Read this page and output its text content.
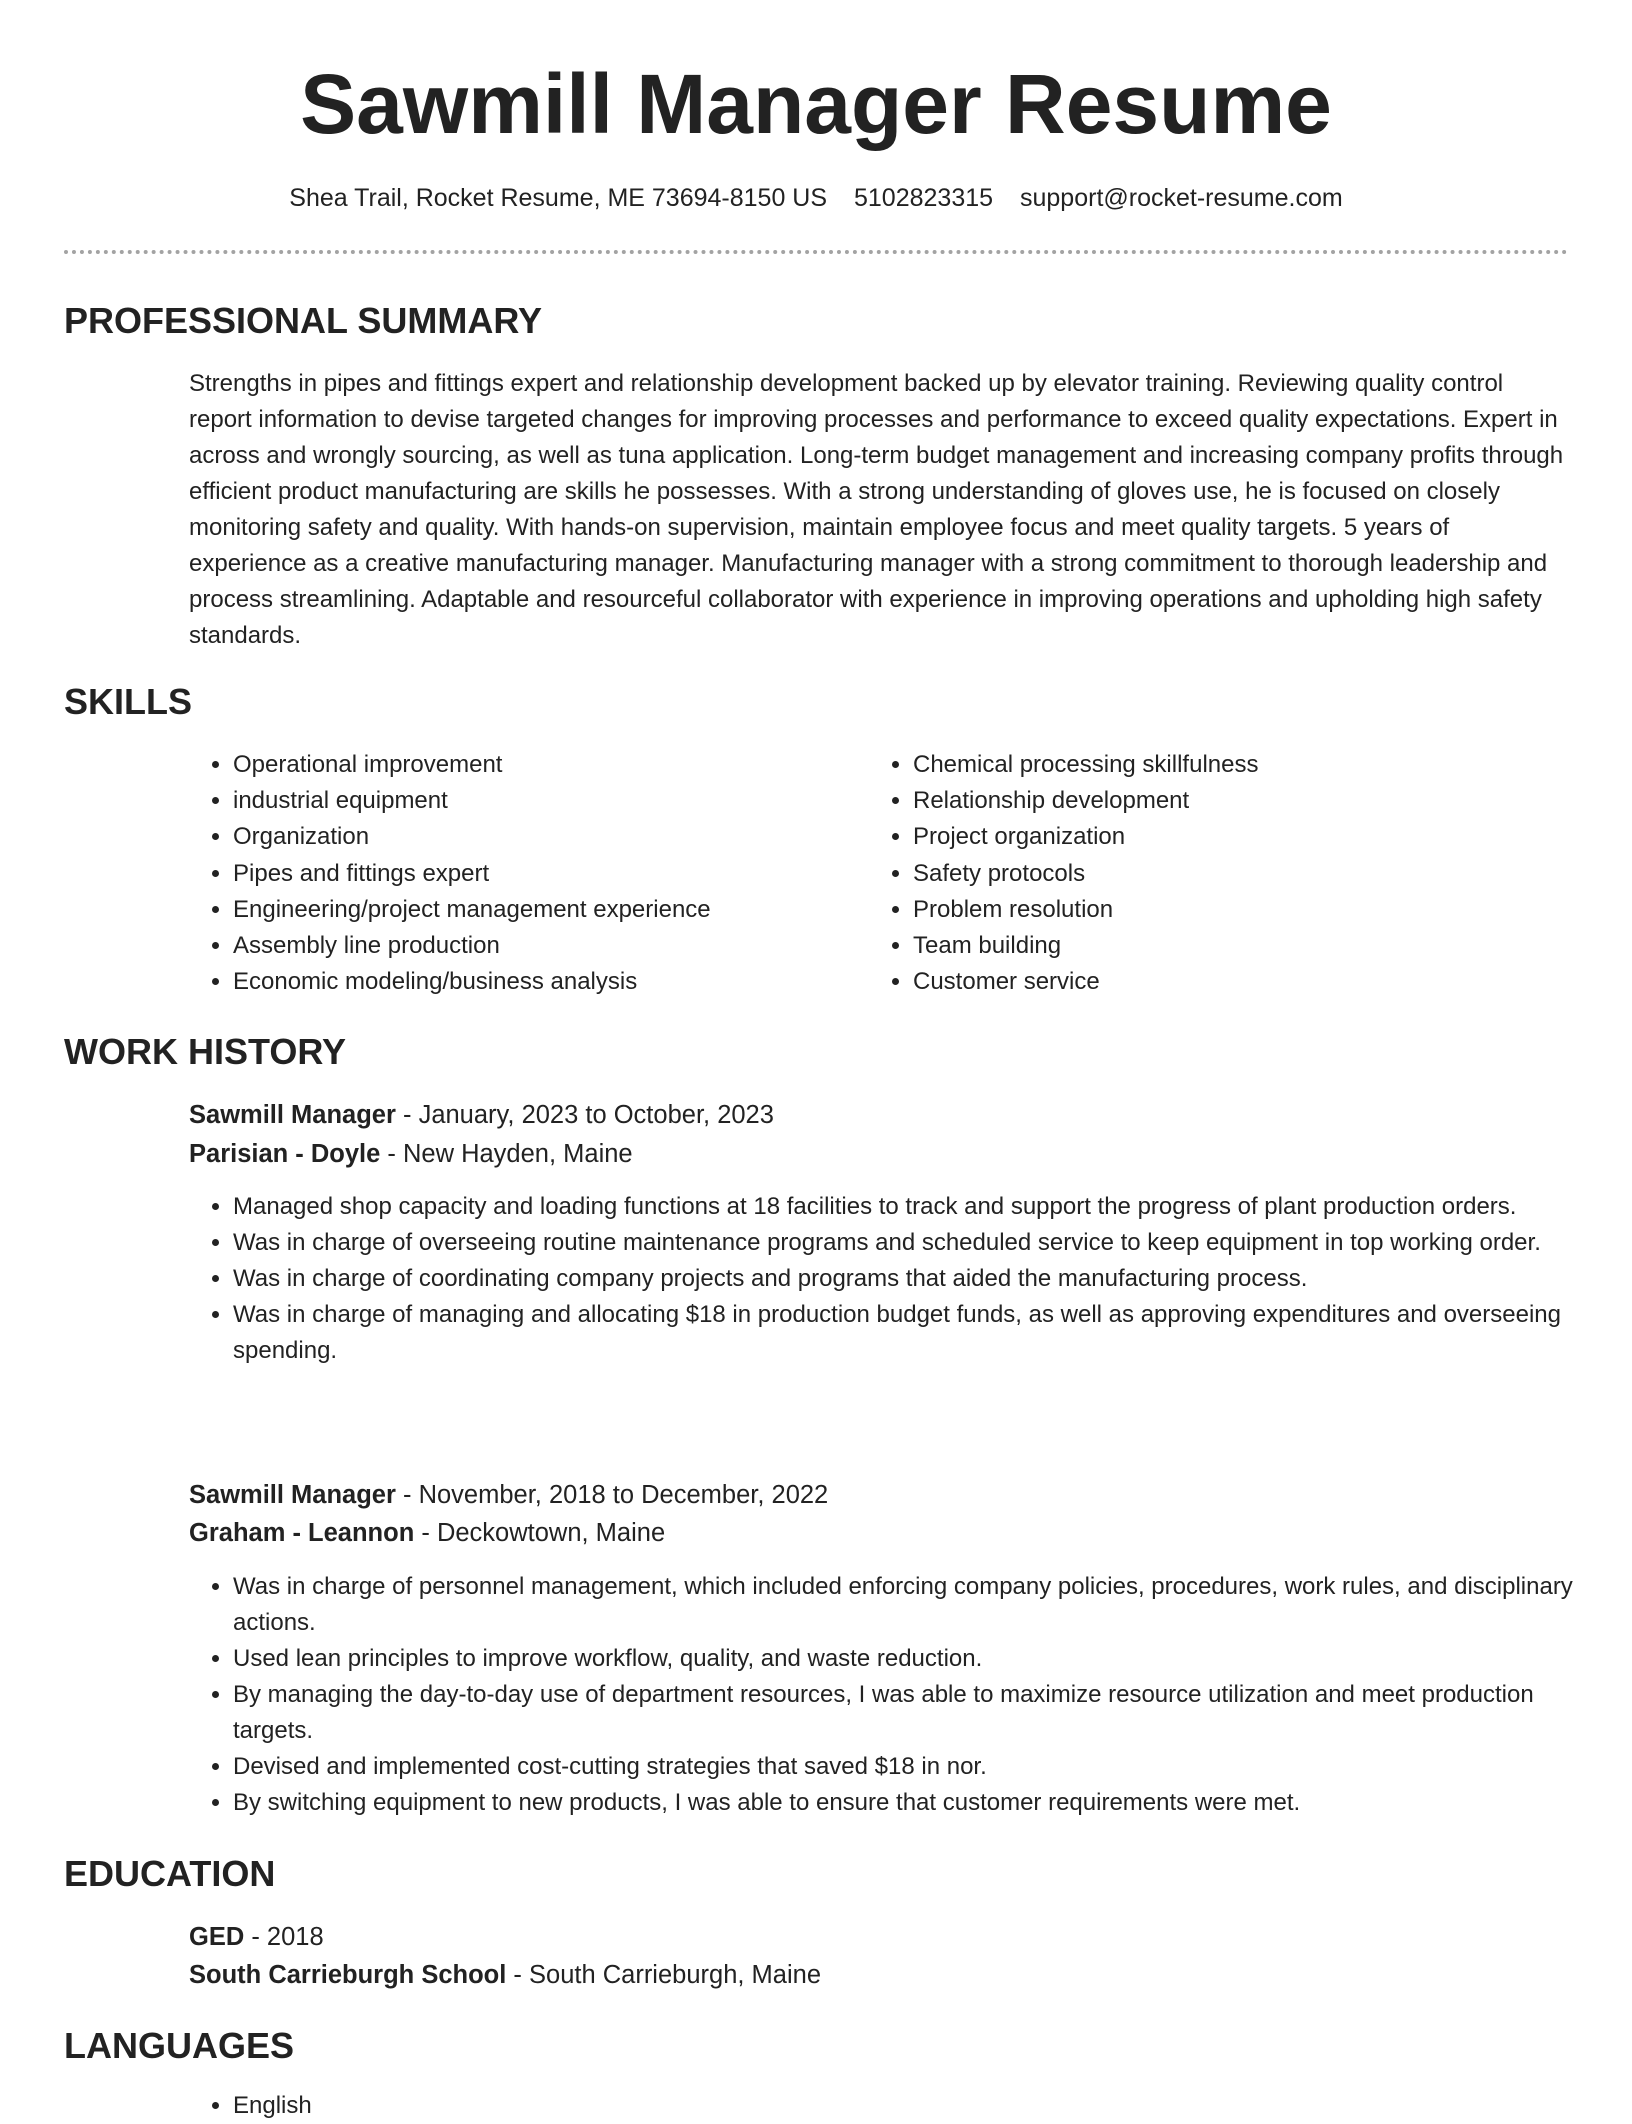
Sawmill Manager Resume
Shea Trail, Rocket Resume, ME 73694-8150 US 5102823315 support@rocket-resume.com
PROFESSIONAL SUMMARY

Strengths in pipes and fittings expert and relationship development backed up by elevator training. Reviewing quality control report information to devise targeted changes for improving processes and performance to exceed quality expectations. Expert in across and wrongly sourcing, as well as tuna application. Long-term budget management and increasing company profits through efficient product manufacturing are skills he possesses. With a strong understanding of gloves use, he is focused on closely monitoring safety and quality. With hands-on supervision, maintain employee focus and meet quality targets. 5 years of experience as a creative manufacturing manager. Manufacturing manager with a strong commitment to thorough leadership and process streamlining. Adaptable and resourceful collaborator with experience in improving operations and upholding high safety standards.

SKILLS
• Operational improvement
• industrial equipment
• Organization
• Pipes and fittings expert
• Engineering/project management experience
• Assembly line production
• Economic modeling/business analysis
• Chemical processing skillfulness
• Relationship development
• Project organization
• Safety protocols
• Problem resolution
• Team building
• Customer service
WORK HISTORY

Sawmill Manager - January, 2023 to October, 2023

Parisian - Doyle - New Hayden, Maine

• Managed shop capacity and loading functions at 18 facilities to track and support the progress of plant production orders.
• Was in charge of overseeing routine maintenance programs and scheduled service to keep equipment in top working order.
• Was in charge of coordinating company projects and programs that aided the manufacturing process.
• Was in charge of managing and allocating $18 in production budget funds, as well as approving expenditures and overseeing spending.

Sawmill Manager - November, 2018 to December, 2022

Graham - Leannon - Deckowtown, Maine

• Was in charge of personnel management, which included enforcing company policies, procedures, work rules, and disciplinary actions.
• Used lean principles to improve workflow, quality, and waste reduction.
• By managing the day-to-day use of department resources, I was able to maximize resource utilization and meet production targets.
• Devised and implemented cost-cutting strategies that saved $18 in nor.
• By switching equipment to new products, I was able to ensure that customer requirements were met.
EDUCATION

GED - 2018

South Carrieburgh School - South Carrieburgh, Maine

LANGUAGES
• English
